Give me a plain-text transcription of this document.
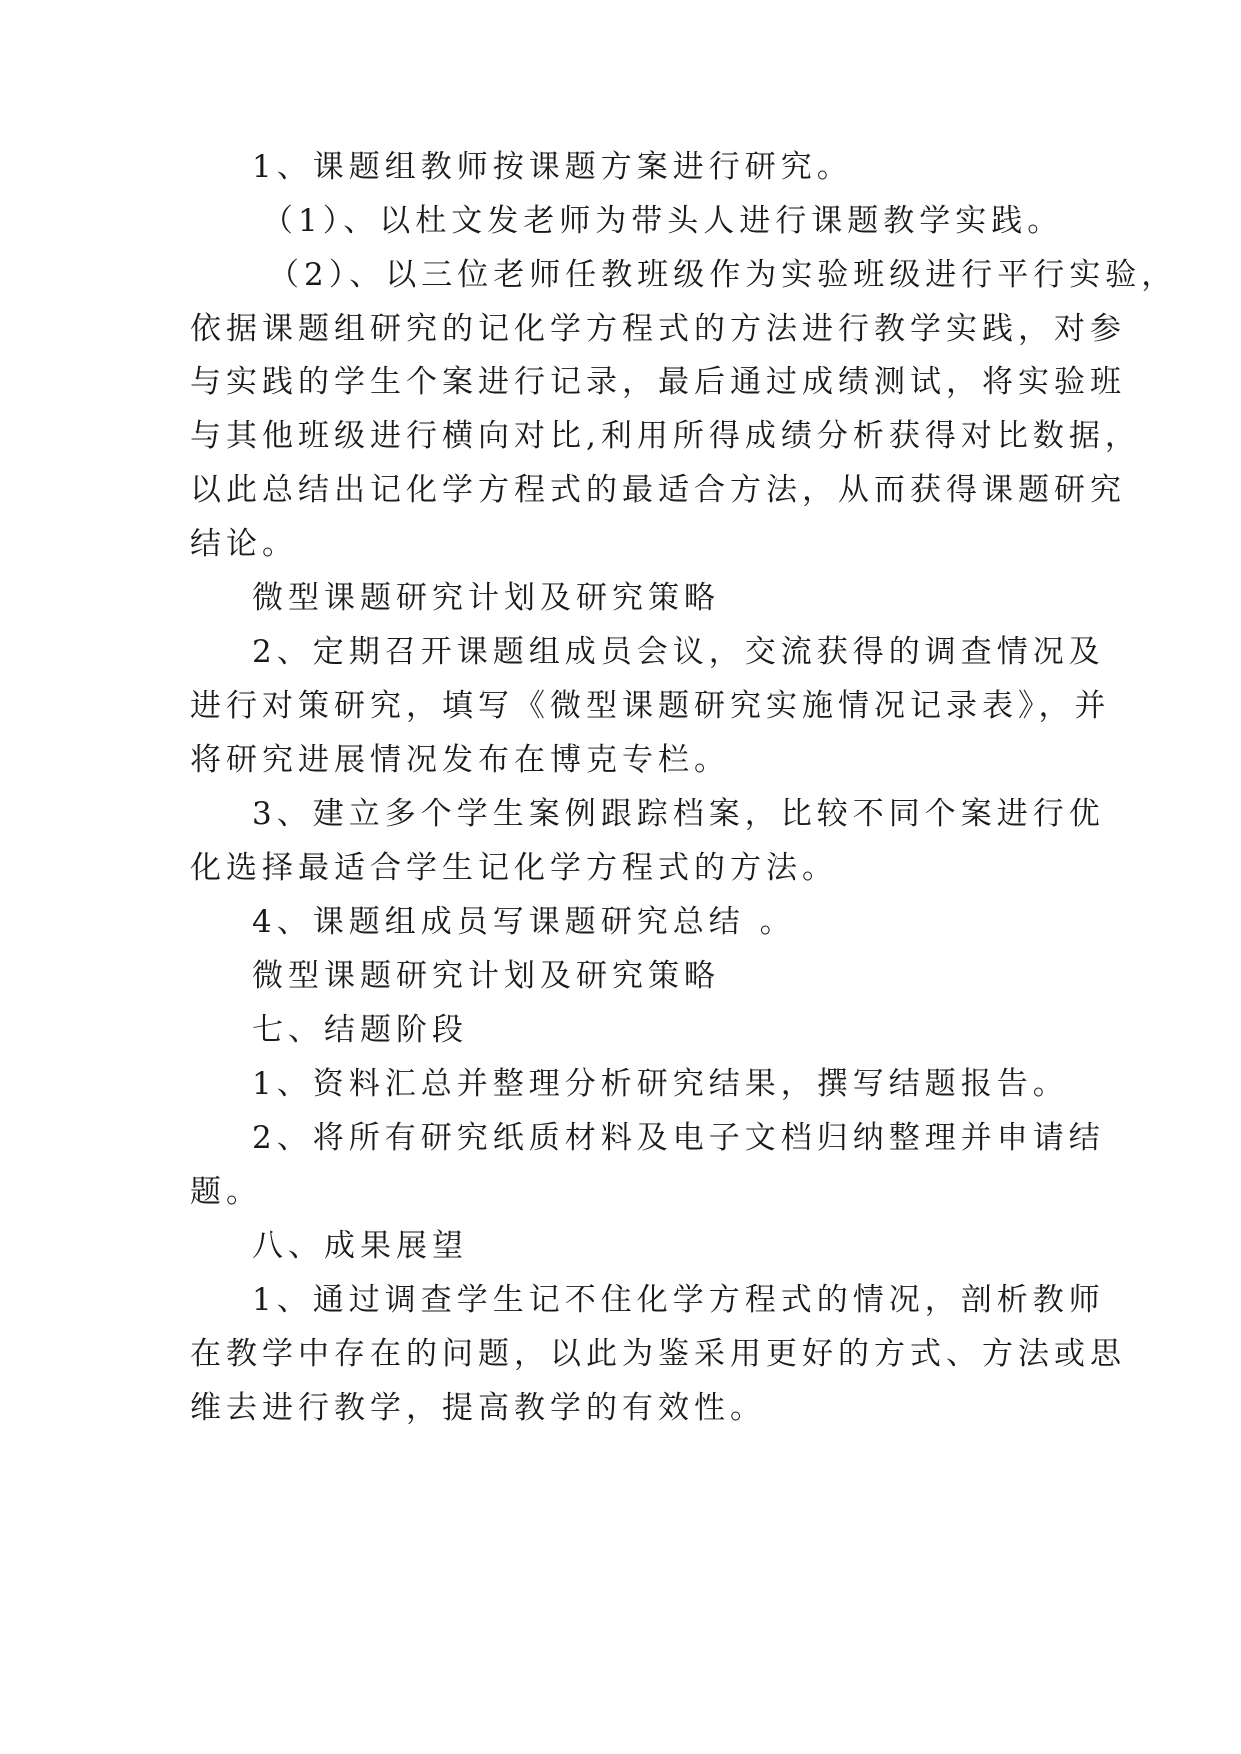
1、课题组教师按课题方案进行研究。
（1）、以杜文发老师为带头人进行课题教学实践。
（2）、以三位老师任教班级作为实验班级进行平行实验，
依据课题组研究的记化学方程式的方法进行教学实践，对参
与实践的学生个案进行记录，最后通过成绩测试，将实验班
与其他班级进行横向对比,利用所得成绩分析获得对比数据，
以此总结出记化学方程式的最适合方法，从而获得课题研究
结论。
微型课题研究计划及研究策略
2、定期召开课题组成员会议，交流获得的调查情况及
进行对策研究，填写《微型课题研究实施情况记录表》，并
将研究进展情况发布在博克专栏。
3、建立多个学生案例跟踪档案，比较不同个案进行优
化选择最适合学生记化学方程式的方法。
4、课题组成员写课题研究总结 。
微型课题研究计划及研究策略
七、结题阶段
1、资料汇总并整理分析研究结果，撰写结题报告。
2、将所有研究纸质材料及电子文档归纳整理并申请结
题。
八、成果展望
1、通过调查学生记不住化学方程式的情况，剖析教师
在教学中存在的问题，以此为鉴采用更好的方式、方法或思
维去进行教学，提高教学的有效性。
